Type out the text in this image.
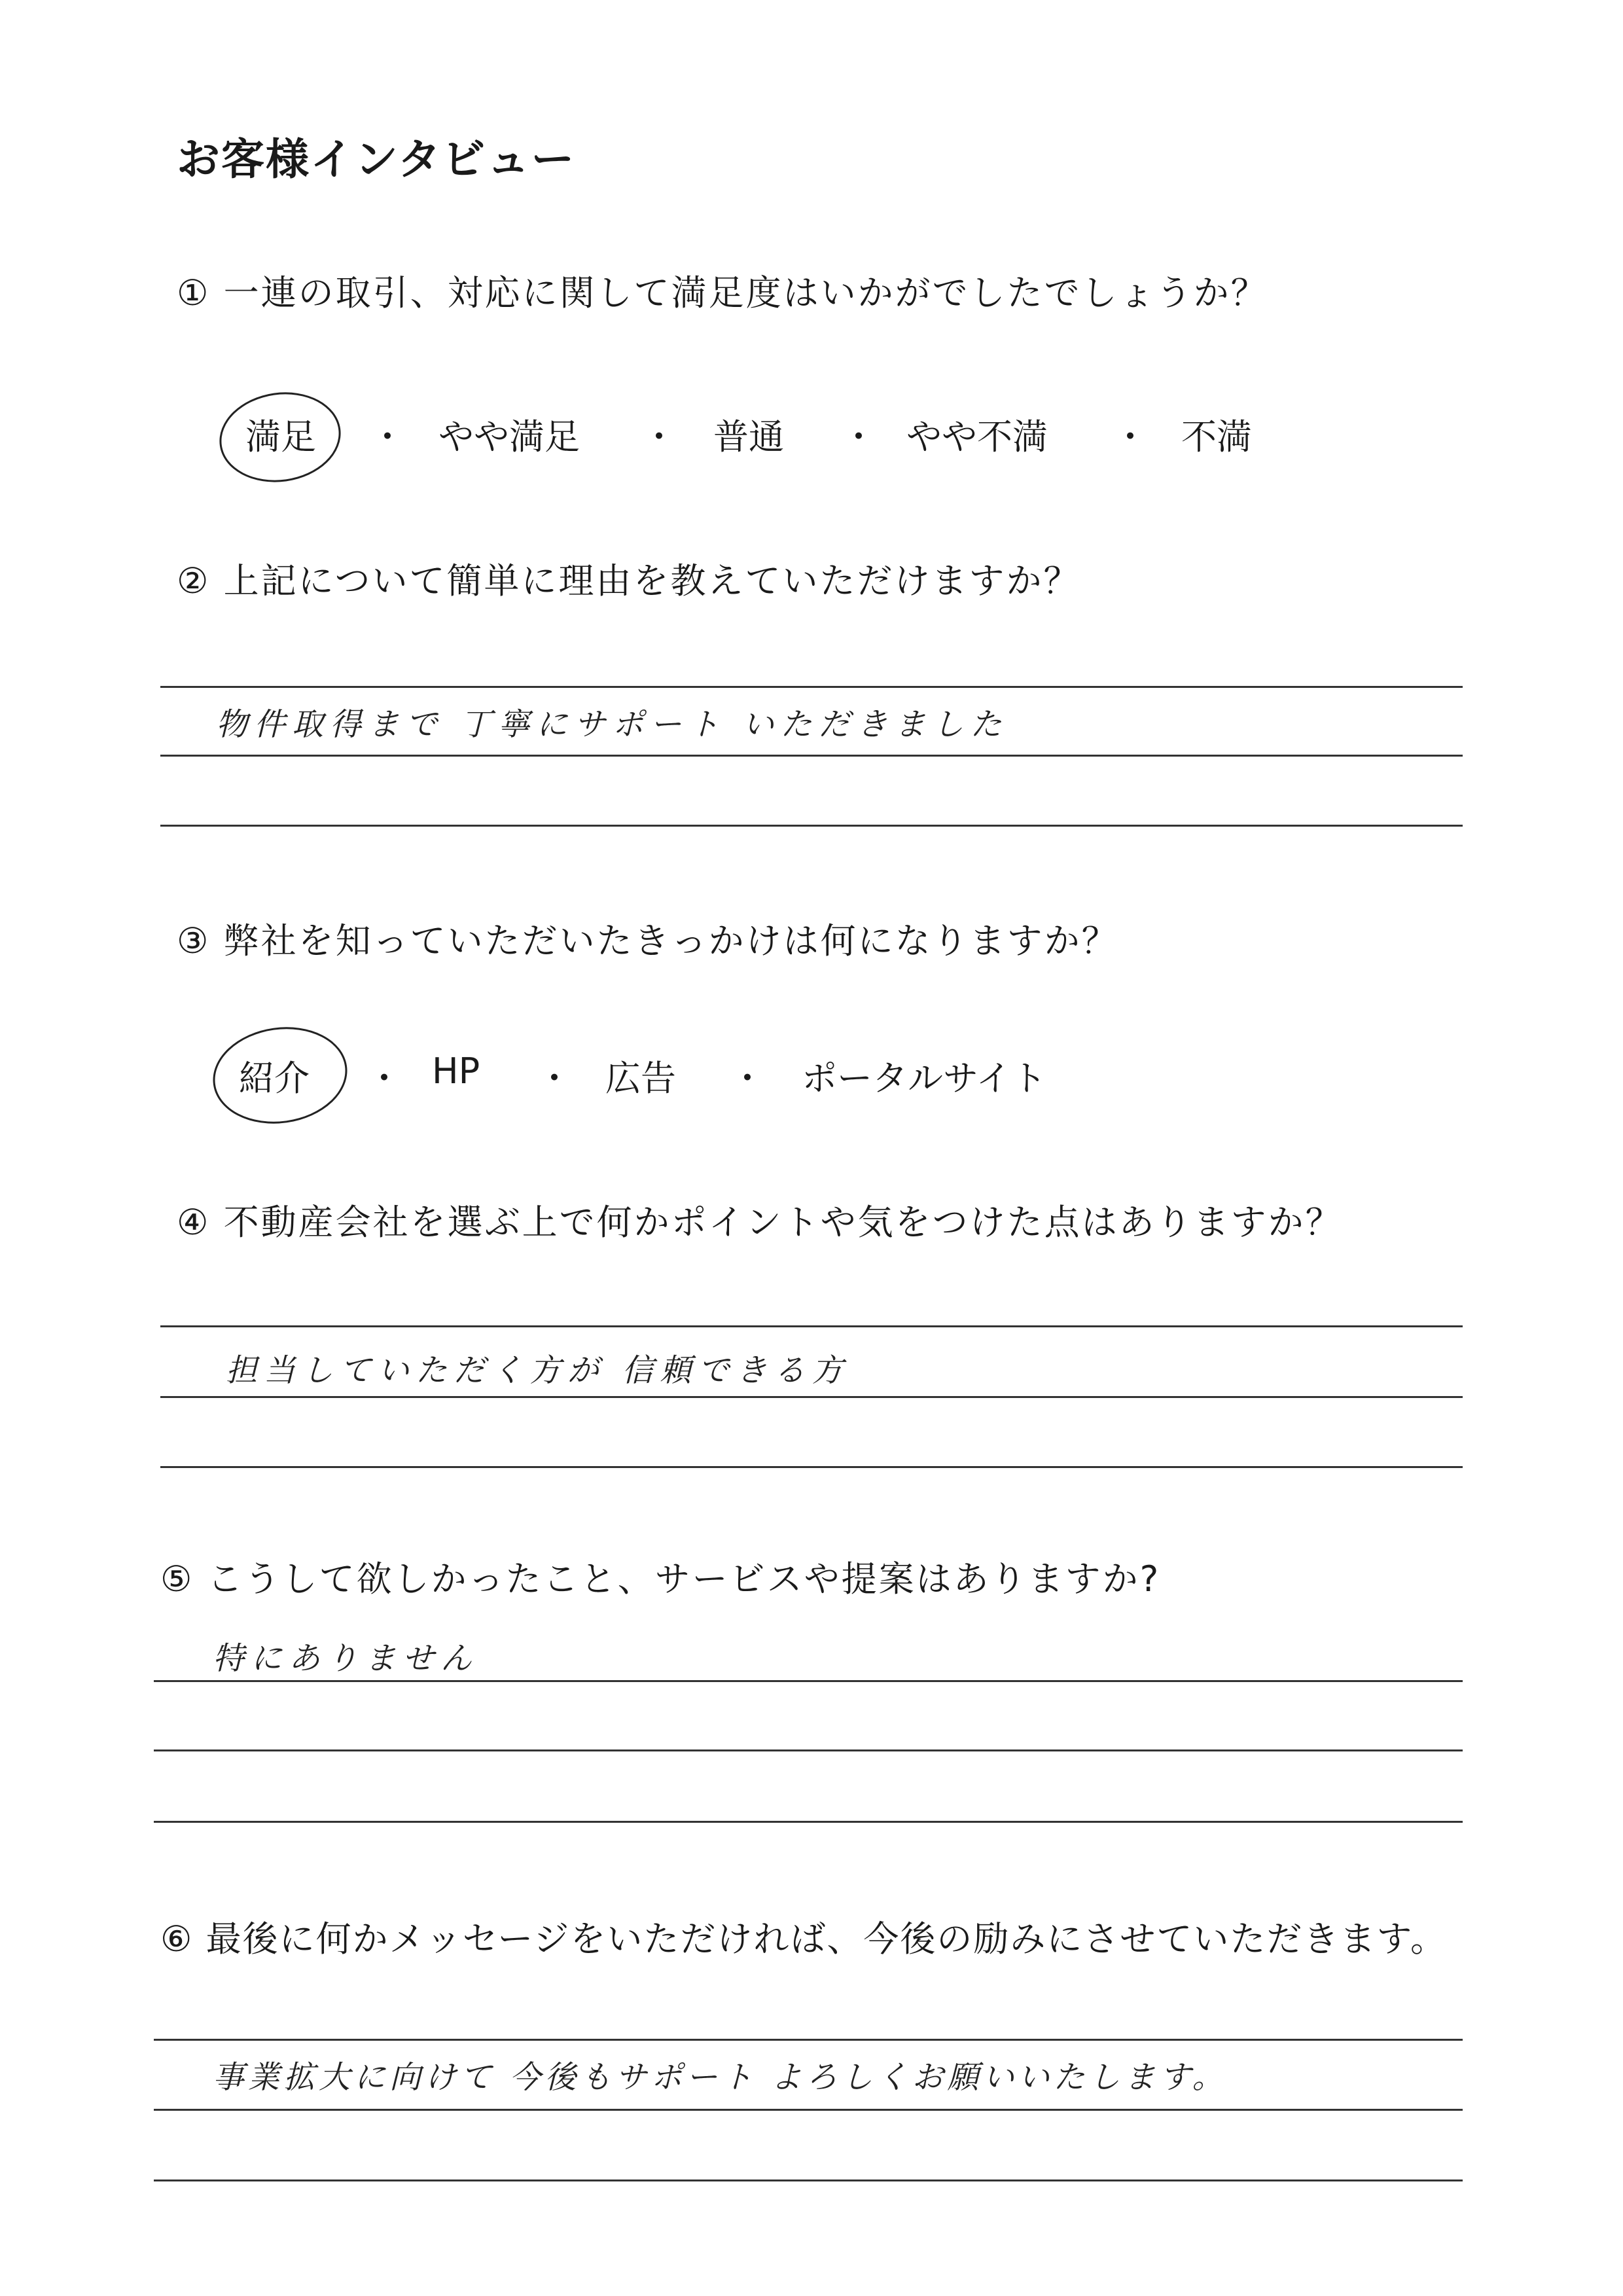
お客様インタビュー
① 一連の取引、対応に関して満足度はいかがでしたでしょうか？
満足 ・ やや満足 ・ 普通 ・ やや不満 ・ 不満
② 上記について簡単に理由を教えていただけますか？
物件取得まで 丁寧にサポート いただきました
③ 弊社を知っていただいたきっかけは何になりますか？
紹介 ・ HP ・ 広告 ・ ポータルサイト
④ 不動産会社を選ぶ上で何かポイントや気をつけた点はありますか？
担当していただく方が 信頼できる方
⑤ こうして欲しかったこと、サービスや提案はありますか?
特にありません
⑥ 最後に何かメッセージをいただければ、今後の励みにさせていただきます。
事業拡大に向けて 今後もサポート よろしくお願いいたします。
